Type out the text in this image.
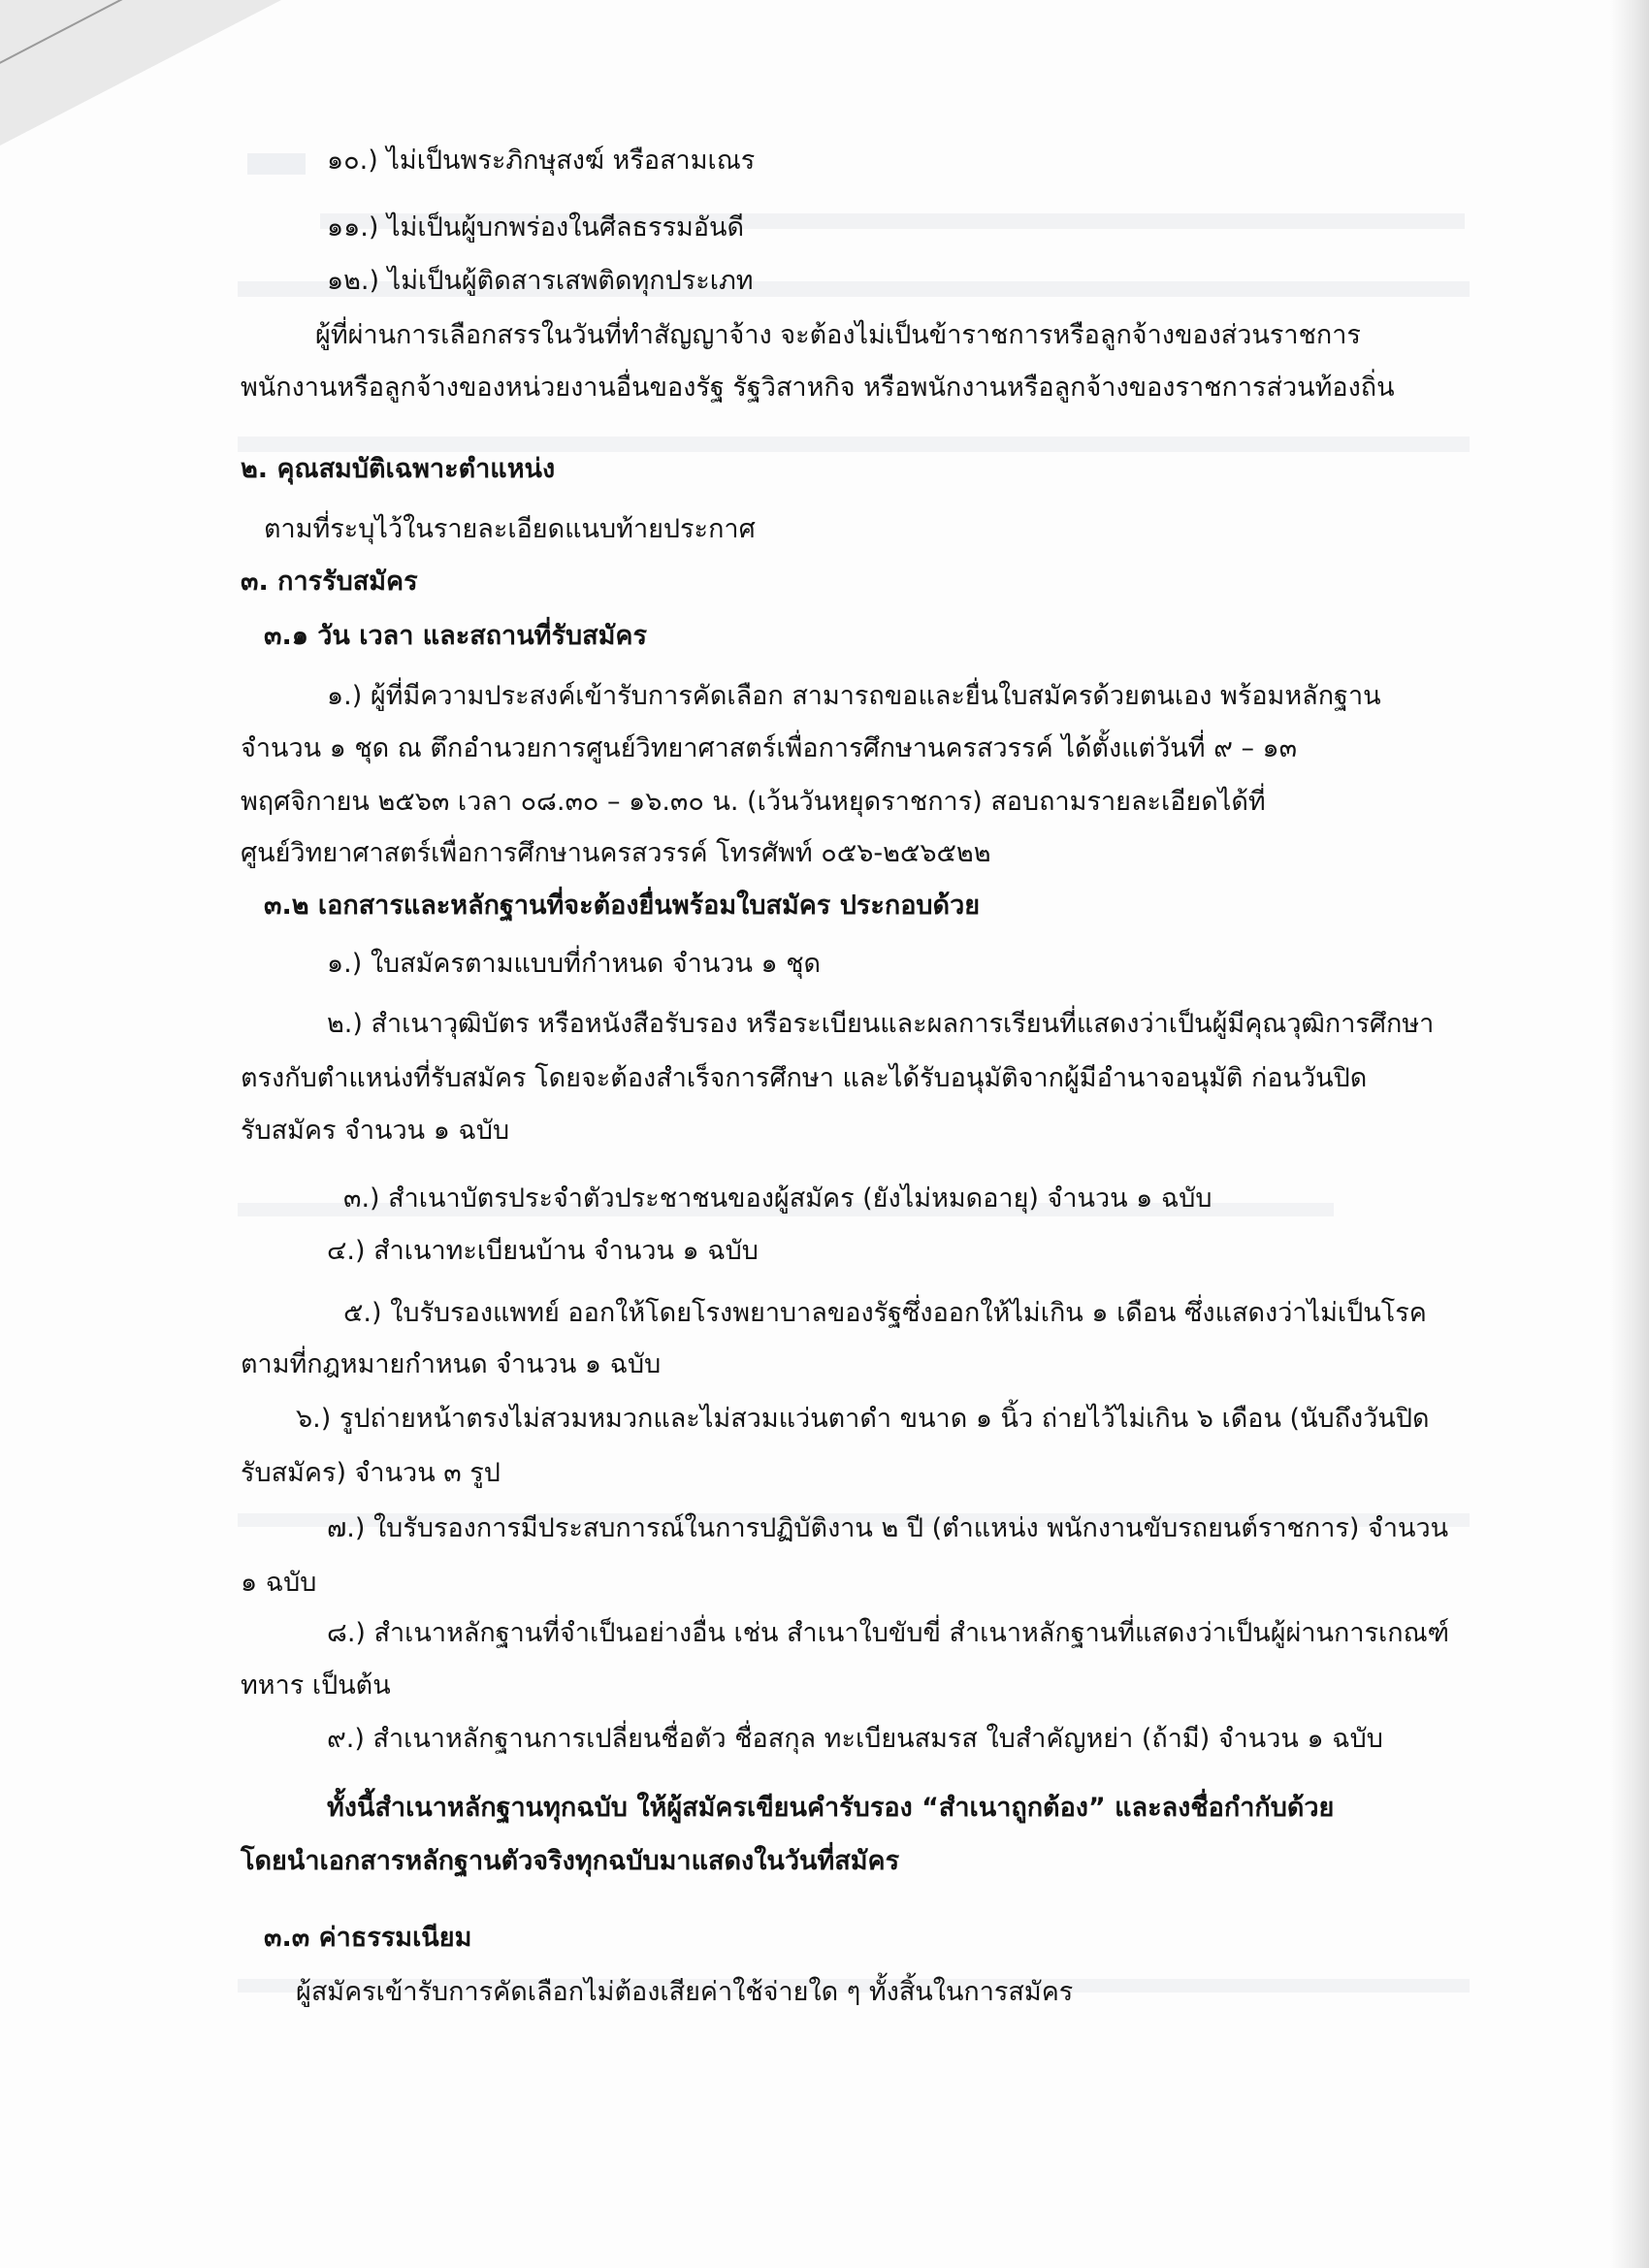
๑๐.) ไม่เป็นพระภิกษุสงฆ์ หรือสามเณร
๑๑.) ไม่เป็นผู้บกพร่องในศีลธรรมอันดี
๑๒.) ไม่เป็นผู้ติดสารเสพติดทุกประเภท
ผู้ที่ผ่านการเลือกสรรในวันที่ทำสัญญาจ้าง จะต้องไม่เป็นข้าราชการหรือลูกจ้างของส่วนราชการ
พนักงานหรือลูกจ้างของหน่วยงานอื่นของรัฐ รัฐวิสาหกิจ หรือพนักงานหรือลูกจ้างของราชการส่วนท้องถิ่น
๒. คุณสมบัติเฉพาะตำแหน่ง
ตามที่ระบุไว้ในรายละเอียดแนบท้ายประกาศ
๓. การรับสมัคร
๓.๑ วัน เวลา และสถานที่รับสมัคร
๑.) ผู้ที่มีความประสงค์เข้ารับการคัดเลือก สามารถขอและยื่นใบสมัครด้วยตนเอง พร้อมหลักฐาน
จำนวน ๑ ชุด ณ ตึกอำนวยการศูนย์วิทยาศาสตร์เพื่อการศึกษานครสวรรค์ ได้ตั้งแต่วันที่ ๙ – ๑๓
พฤศจิกายน ๒๕๖๓ เวลา ๐๘.๓๐ – ๑๖.๓๐ น. (เว้นวันหยุดราชการ) สอบถามรายละเอียดได้ที่
ศูนย์วิทยาศาสตร์เพื่อการศึกษานครสวรรค์ โทรศัพท์ ๐๕๖-๒๕๖๕๒๒
๓.๒ เอกสารและหลักฐานที่จะต้องยื่นพร้อมใบสมัคร ประกอบด้วย
๑.) ใบสมัครตามแบบที่กำหนด จำนวน ๑ ชุด
๒.) สำเนาวุฒิบัตร หรือหนังสือรับรอง หรือระเบียนและผลการเรียนที่แสดงว่าเป็นผู้มีคุณวุฒิการศึกษา
ตรงกับตำแหน่งที่รับสมัคร โดยจะต้องสำเร็จการศึกษา และได้รับอนุมัติจากผู้มีอำนาจอนุมัติ ก่อนวันปิด
รับสมัคร จำนวน ๑ ฉบับ
๓.) สำเนาบัตรประจำตัวประชาชนของผู้สมัคร (ยังไม่หมดอายุ) จำนวน ๑ ฉบับ
๔.) สำเนาทะเบียนบ้าน จำนวน ๑ ฉบับ
๕.) ใบรับรองแพทย์ ออกให้โดยโรงพยาบาลของรัฐซึ่งออกให้ไม่เกิน ๑ เดือน ซึ่งแสดงว่าไม่เป็นโรค
ตามที่กฎหมายกำหนด จำนวน ๑ ฉบับ
๖.) รูปถ่ายหน้าตรงไม่สวมหมวกและไม่สวมแว่นตาดำ ขนาด ๑ นิ้ว ถ่ายไว้ไม่เกิน ๖ เดือน (นับถึงวันปิด
รับสมัคร) จำนวน ๓ รูป
๗.) ใบรับรองการมีประสบการณ์ในการปฏิบัติงาน ๒ ปี (ตำแหน่ง พนักงานขับรถยนต์ราชการ) จำนวน
๑ ฉบับ
๘.) สำเนาหลักฐานที่จำเป็นอย่างอื่น เช่น สำเนาใบขับขี่ สำเนาหลักฐานที่แสดงว่าเป็นผู้ผ่านการเกณฑ์
ทหาร เป็นต้น
๙.) สำเนาหลักฐานการเปลี่ยนชื่อตัว ชื่อสกุล ทะเบียนสมรส ใบสำคัญหย่า (ถ้ามี) จำนวน ๑ ฉบับ
ทั้งนี้สำเนาหลักฐานทุกฉบับ ให้ผู้สมัครเขียนคำรับรอง “สำเนาถูกต้อง” และลงชื่อกำกับด้วย
โดยนำเอกสารหลักฐานตัวจริงทุกฉบับมาแสดงในวันที่สมัคร
๓.๓ ค่าธรรมเนียม
ผู้สมัครเข้ารับการคัดเลือกไม่ต้องเสียค่าใช้จ่ายใด ๆ ทั้งสิ้นในการสมัคร
